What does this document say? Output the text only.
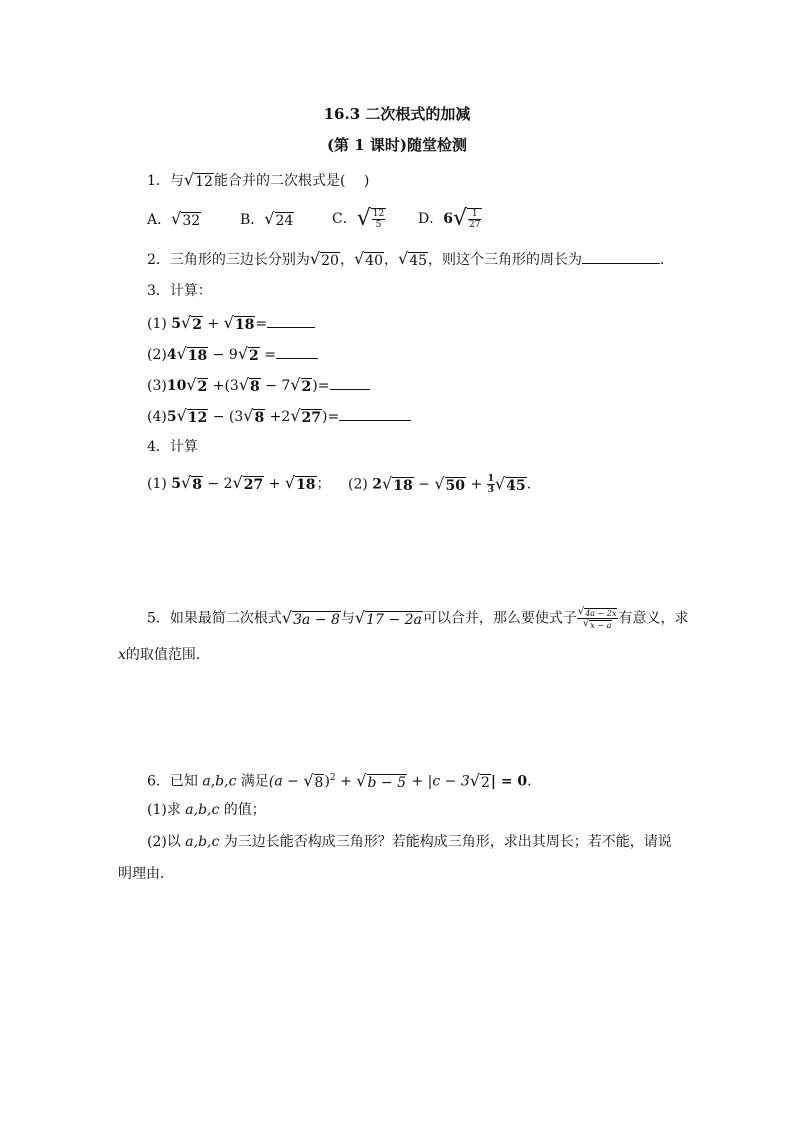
16.3 二次根式的加减
(第 1 课时)随堂检测
1．与 √ 12 能合并的二次根式是(　 )
A． √ 32	B． √ 24	C． √ $\frac{12}{5}$ D．6 √ $\frac{1}{27}$
2．三角形的三边长分别为 √ 20 ， √ 40 ， √ 45 ，则这个三角形的周长为	．
3．计算：
(1) 5 √ 2 + √ 18 =
(2)4 √ 18 − 9 √ 2 =
(3)10 √ 2 +(3 √ 8 − 7 √ 2 )=
(4)5 √ 12 − (3 √ 8 +2 √ 27 )=
4．计算
(1) 5 √ 8 − 2 √ 27 + √ 18 ； (2) 2 √ 18 − √ $50 + \frac{1}{3}$ √ 45 .
5．如果最简二次根式 √ 3a − 8 与 √ 17 − 2a 可以合并，那么要使式子 $\frac{√ 4a - 2x}{√ x - a}$ 有意义，求
x的取值范围．
6．已知 a,b,c 满足(a − √ 8 )$^2$ + √ b − 5 + |c − 3 √ 2 | = 0.
(1)求 a,b,c 的值；
(2)以 a,b,c 为三边长能否构成三角形？若能构成三角形，求出其周长；若不能，请说
明理由．
